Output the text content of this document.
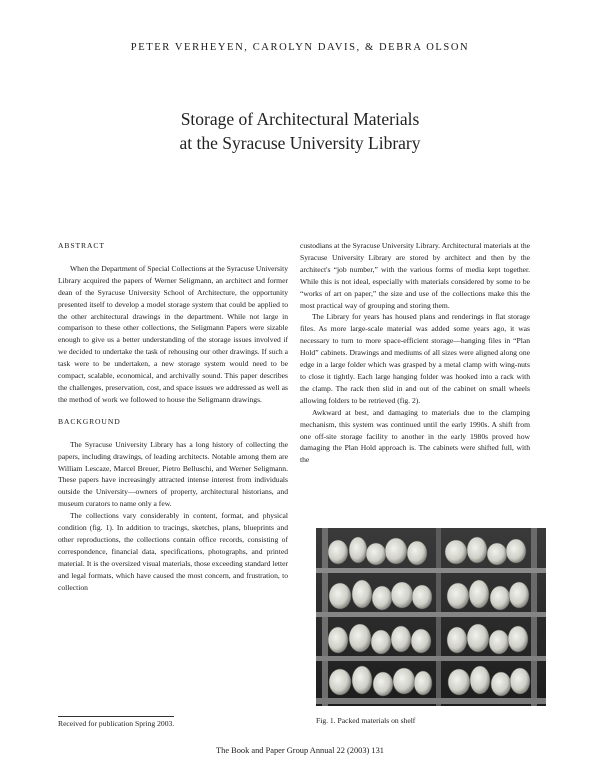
PETER VERHEYEN, CAROLYN DAVIS, & DEBRA OLSON
Storage of Architectural Materials
at the Syracuse University Library
ABSTRACT

When the Department of Special Collections at the Syracuse University Library acquired the papers of Werner Seligmann, an architect and former dean of the Syracuse University School of Architecture, the opportunity presented itself to develop a model storage system that could be applied to the other architectural drawings in the department. While not large in comparison to these other collections, the Seligmann Papers were sizable enough to give us a better understanding of the storage issues involved if we decided to undertake the task of rehousing our other drawings. If such a task were to be undertaken, a new storage system would need to be compact, scalable, economical, and archivally sound. This paper describes the challenges, preservation, cost, and space issues we addressed as well as the method of work we followed to house the Seligmann drawings.

BACKGROUND

The Syracuse University Library has a long history of collecting the papers, including drawings, of leading architects. Notable among them are William Lescaze, Marcel Breuer, Pietro Belluschi, and Werner Seligmann. These papers have increasingly attracted intense interest from individuals outside the University—owners of property, architectural historians, and museum curators to name only a few.

The collections vary considerably in content, format, and physical condition (fig. 1). In addition to tracings, sketches, plans, blueprints and other reproductions, the collections contain office records, consisting of correspondence, financial data, specifications, photographs, and printed material. It is the oversized visual materials, those exceeding standard letter and legal formats, which have caused the most concern, and frustration, to collection

custodians at the Syracuse University Library. Architectural materials at the Syracuse University Library are stored by architect and then by the architect's “job number,” with the various forms of media kept together. While this is not ideal, especially with materials considered by some to be “works of art on paper,” the size and use of the collections make this the most practical way of grouping and storing them.

The Library for years has housed plans and renderings in flat storage files. As more large-scale material was added some years ago, it was necessary to turn to more space-efficient storage—hanging files in “Plan Hold” cabinets. Drawings and mediums of all sizes were aligned along one edge in a large folder which was grasped by a metal clamp with wing-nuts to close it tightly. Each large hanging folder was hooked into a rack with the clamp. The rack then slid in and out of the cabinet on small wheels allowing folders to be retrieved (fig. 2).

Awkward at best, and damaging to materials due to the clamping mechanism, this system was continued until the early 1990s. A shift from one off-site storage facility to another in the early 1980s proved how damaging the Plan Hold approach is. The cabinets were shifted full, with the

Fig. 1. Packed materials on shelf
Received for publication Spring 2003.
The Book and Paper Group Annual 22 (2003) 131
